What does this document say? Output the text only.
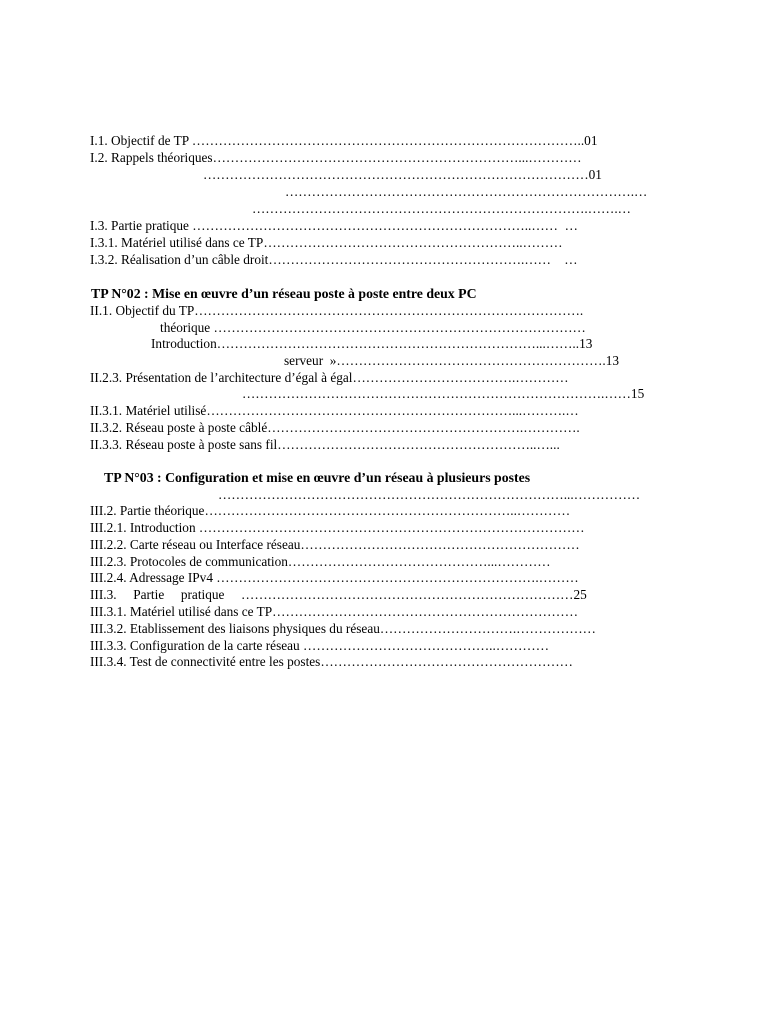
I.1. Objectif de TP ……………………………………………………………………………..01
I.2. Rappels théoriques……………………………………………………………...…………
……………………………………………………………………………01
…………………………………………………………………….…
………………………………………………………………….…….…
I.3. Partie pratique …………………………………………………………………..……  …
I.3.1. Matériel utilisé dans ce TP…………………………………………………..………
I.3.2. Réalisation d’un câble droit………………………………………………….……    …
TP N°02 : Mise en œuvre d’un réseau poste à poste entre deux PC
II.1. Objectif du TP…………………………………………………………………………….
théorique …………………………………………………………………………
Introduction………………………………………………………………...……..13
serveur  »…………………………………………………….13
II.2.3. Présentation de l’architecture d’égal à égal……………………………….…………
……………………………………………………………………….……15
II.3.1. Matériel utilisé……………………………………………………………...……….…
II.3.2. Réseau poste à poste câblé………………………………………………….………….
II.3.3. Réseau poste à poste sans fil…………………………………………………..…...
TP N°03 : Configuration et mise en œuvre d’un réseau à plusieurs postes
……………………………………………………………………...……………
III.2. Partie théorique……………………………………………………………..…………
III.2.1. Introduction ……………………………………………………………………………
III.2.2. Carte réseau ou Interface réseau………………………………………………………
III.2.3. Protocoles de communication………………………………………...…………
III.2.4. Adressage IPv4 ……………………………………………………………….………
III.3.     Partie     pratique     …………………………………………………………………25
III.3.1. Matériel utilisé dans ce TP……………………………………………………………
III.3.2. Etablissement des liaisons physiques du réseau………………………….………………
III.3.3. Configuration de la carte réseau ……………………………………..…………
III.3.4. Test de connectivité entre les postes…………………………………………………
